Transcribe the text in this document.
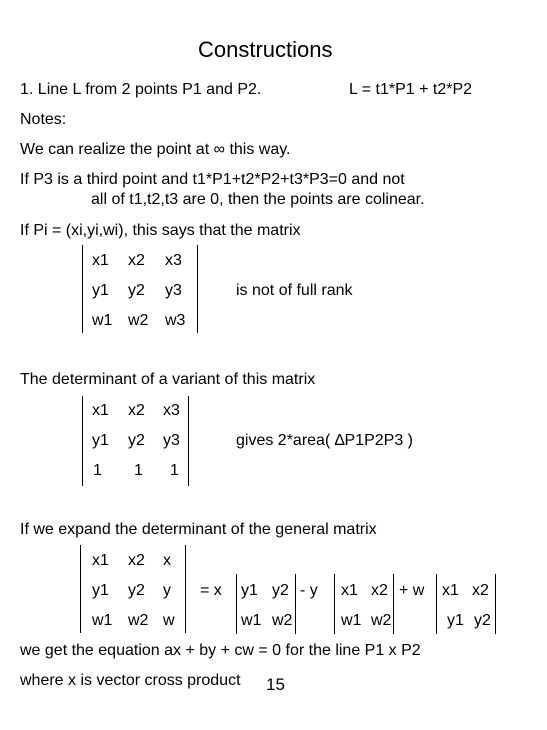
Constructions
1. Line L from 2 points P1 and P2.	L = t1*P1 + t2*P2
Notes:
We can realize the point at ∞ this way.
If P3 is a third point and t1*P1+t2*P2+t3*P3=0 and not
all of t1,t2,t3 are 0, then the points are colinear.
If Pi = (xi,yi,wi), this says that the matrix
x1 x2 x3
y1 y2 y3
w1 w2 w3
is not of full rank
The determinant of a variant of this matrix
x1 x2 x3
y1 y2 y3
1 1 1
gives 2*area( ∆P1P2P3 )
If we expand the determinant of the general matrix
x1 x2 x
y1 y2 y
w1 w2 w
= x y1 y2
w1 w2
- y x1 x2
w1 w2
+ w x1 x2
y1 y2
we get the equation ax + by + cw = 0 for the line P1 x P2
where x is vector cross product 15
